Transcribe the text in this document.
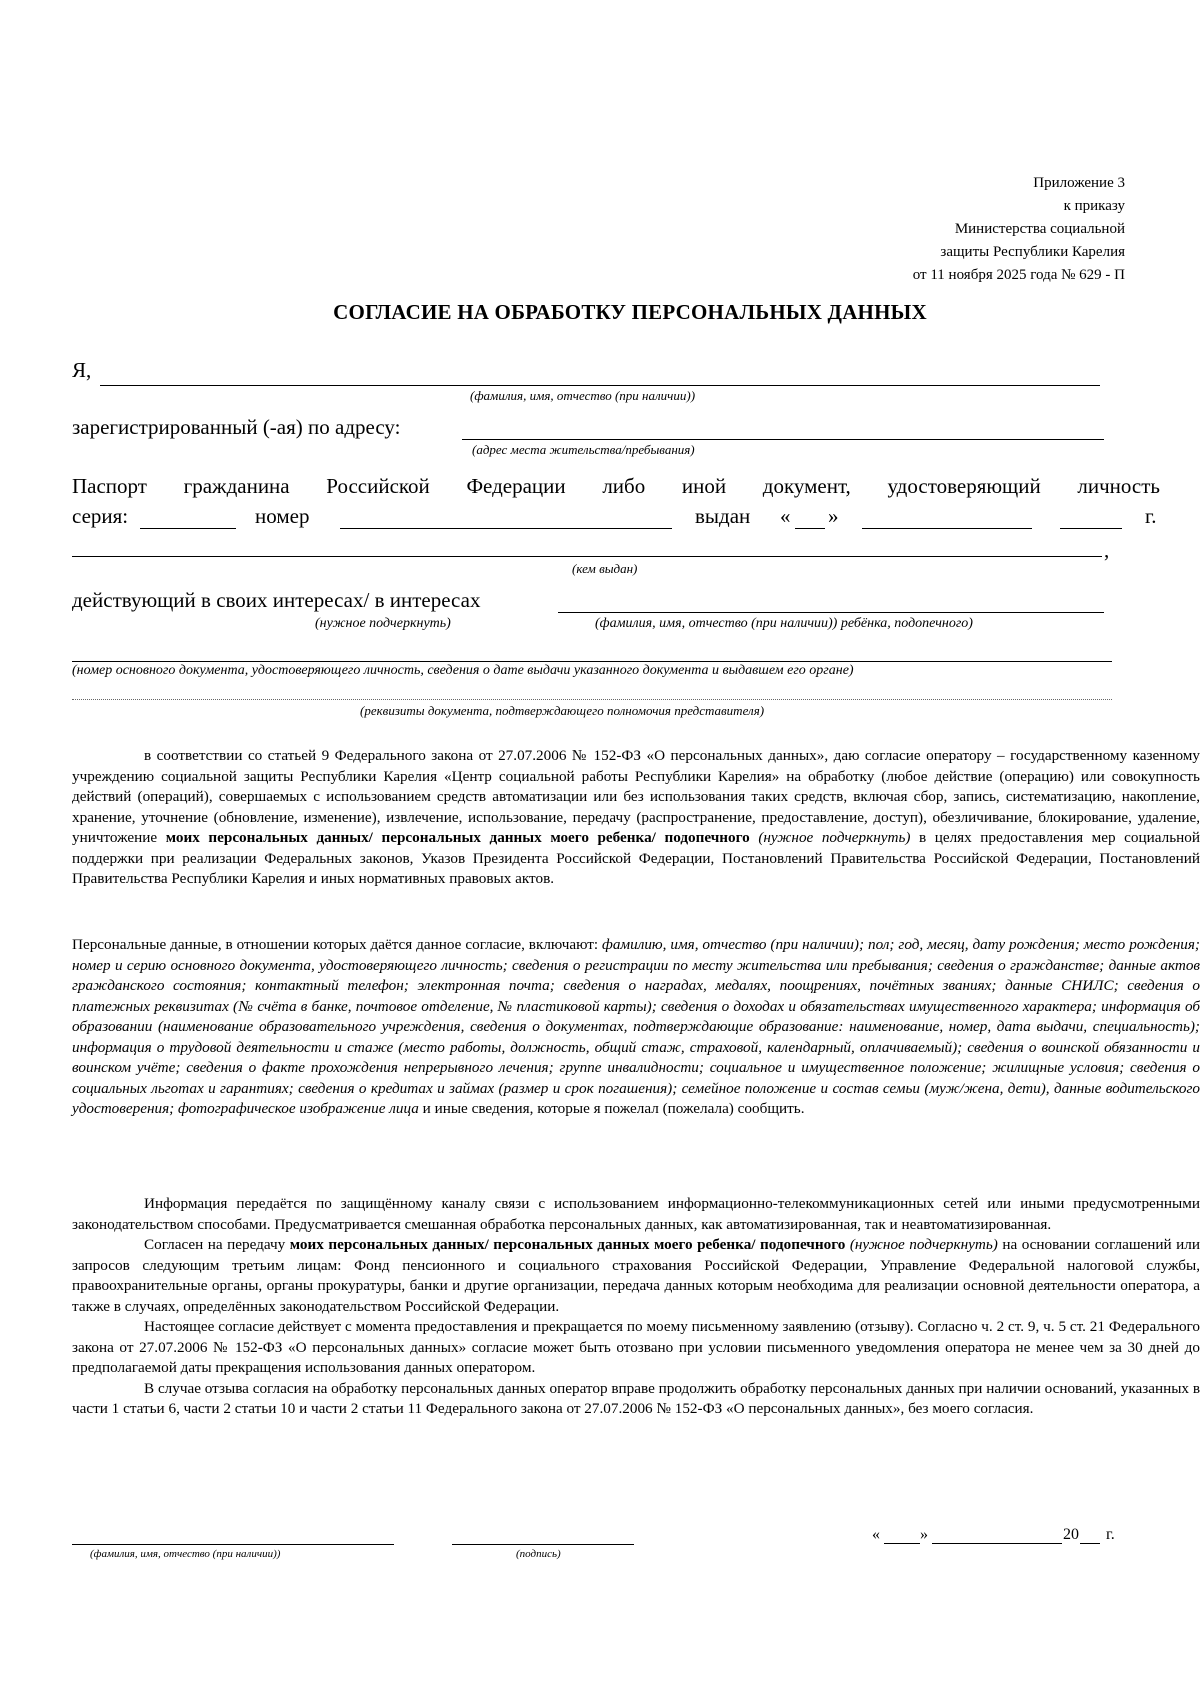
Приложение 3
к приказу
Министерства социальной
защиты Республики Карелия
от 11 ноября 2025 года № 629 - П
СОГЛАСИЕ НА ОБРАБОТКУ ПЕРСОНАЛЬНЫХ ДАННЫХ
Я,
(фамилия, имя, отчество (при наличии))
зарегистрированный (-ая) по адресу:
(адрес места жительства/пребывания)
Паспорт гражданина Российской Федерации либо иной документ, удостоверяющий личность
серия:	номер	выдан « »	г.
,
(кем выдан)
действующий в своих интересах/ в интересах
(нужное подчеркнуть)	(фамилия, имя, отчество (при наличии)) ребёнка, подопечного)
(номер основного документа, удостоверяющего личность, сведения о дате выдачи указанного документа и выдавшем его органе)
(реквизиты документа, подтверждающего полномочия представителя)

в соответствии со статьей 9 Федерального закона от 27.07.2006 № 152-ФЗ «О персональных данных», даю согласие оператору – государственному казенному учреждению социальной защиты Республики Карелия «Центр социальной работы Республики Карелия» на обработку (любое действие (операцию) или совокупность действий (операций), совершаемых с использованием средств автоматизации или без использования таких средств, включая сбор, запись, систематизацию, накопление, хранение, уточнение (обновление, изменение), извлечение, использование, передачу (распространение, предоставление, доступ), обезличивание, блокирование, удаление, уничтожение моих персональных данных/ персональных данных моего ребенка/ подопечного (нужное подчеркнуть) в целях предоставления мер социальной поддержки при реализации Федеральных законов, Указов Президента Российской Федерации, Постановлений Правительства Российской Федерации, Постановлений Правительства Республики Карелия и иных нормативных правовых актов.

Персональные данные, в отношении которых даётся данное согласие, включают: фамилию, имя, отчество (при наличии); пол; год, месяц, дату рождения; место рождения; номер и серию основного документа, удостоверяющего личность; сведения о регистрации по месту жительства или пребывания; сведения о гражданстве; данные актов гражданского состояния; контактный телефон; электронная почта; сведения о наградах, медалях, поощрениях, почётных званиях; данные СНИЛС; сведения о платежных реквизитах (№ счёта в банке, почтовое отделение, № пластиковой карты); сведения о доходах и обязательствах имущественного характера; информация об образовании (наименование образовательного учреждения, сведения о документах, подтверждающие образование: наименование, номер, дата выдачи, специальность); информация о трудовой деятельности и стаже (место работы, должность, общий стаж, страховой, календарный, оплачиваемый); сведения о воинской обязанности и воинском учёте; сведения о факте прохождения непрерывного лечения; группе инвалидности; социальное и имущественное положение; жилищные условия; сведения о социальных льготах и гарантиях; сведения о кредитах и займах (размер и срок погашения); семейное положение и состав семьи (муж/жена, дети), данные водительского удостоверения; фотографическое изображение лица и иные сведения, которые я пожелал (пожелала) сообщить.

Информация передаётся по защищённому каналу связи с использованием информационно-телекоммуникационных сетей или иными предусмотренными законодательством способами. Предусматривается смешанная обработка персональных данных, как автоматизированная, так и неавтоматизированная.

Согласен на передачу моих персональных данных/ персональных данных моего ребенка/ подопечного (нужное подчеркнуть) на основании соглашений или запросов следующим третьим лицам: Фонд пенсионного и социального страхования Российской Федерации, Управление Федеральной налоговой службы, правоохранительные органы, органы прокуратуры, банки и другие организации, передача данных которым необходима для реализации основной деятельности оператора, а также в случаях, определённых законодательством Российской Федерации.

Настоящее согласие действует с момента предоставления и прекращается по моему письменному заявлению (отзыву). Согласно ч. 2 ст. 9, ч. 5 ст. 21 Федерального закона от 27.07.2006 № 152-ФЗ «О персональных данных» согласие может быть отозвано при условии письменного уведомления оператора не менее чем за 30 дней до предполагаемой даты прекращения использования данных оператором.

В случае отзыва согласия на обработку персональных данных оператор вправе продолжить обработку персональных данных при наличии оснований, указанных в части 1 статьи 6, части 2 статьи 10 и части 2 статьи 11 Федерального закона от 27.07.2006 № 152-ФЗ «О персональных данных», без моего согласия.

(фамилия, имя, отчество (при наличии))	(подпись)
«	»	20 г.
